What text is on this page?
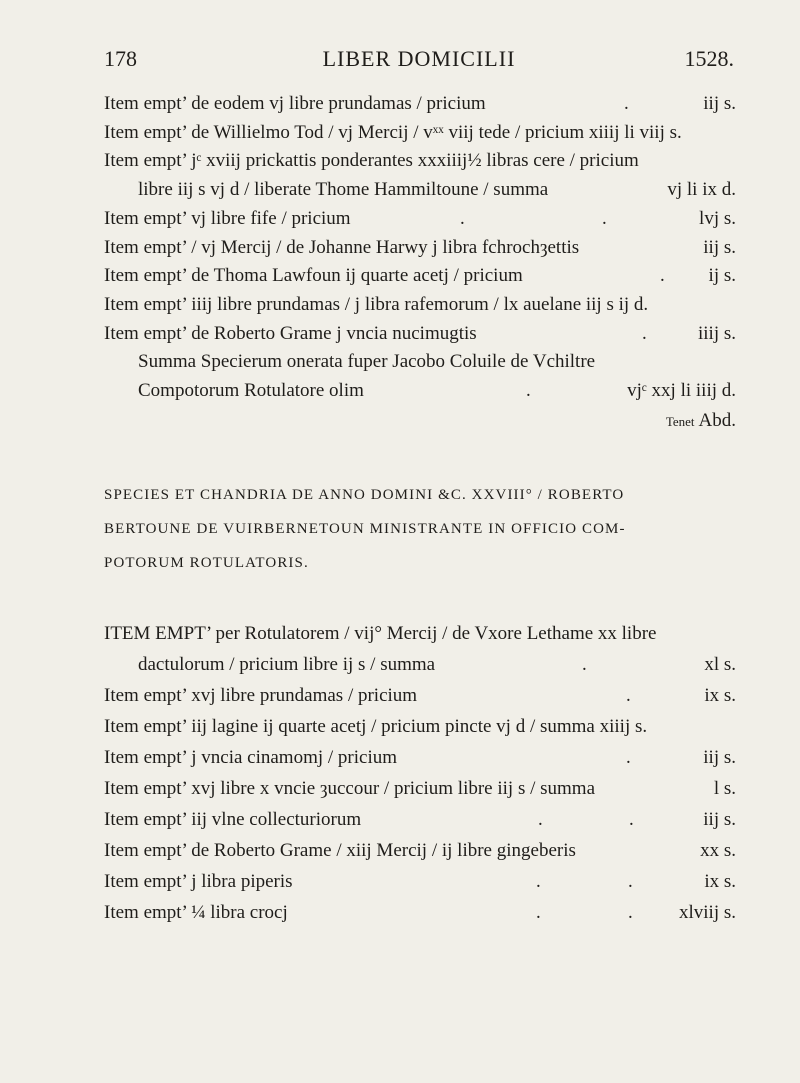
178	LIBER DOMICILII	1528.
Item empt’ de eodem vj libre prundamas / pricium	.	iij s.
Item empt’ de Willielmo Tod / vj Mercij / vˣˣ viij tede / pricium xiiij li viij s.
Item empt’ jᶜ xviij prickattis ponderantes xxxiiij½ libras cere / pricium
libre iij s vj d / liberate Thome Hammiltoune / summa	vj li ix d.
Item empt’ vj libre fife / pricium	.	.	lvj s.
Item empt’ / vj Mercij / de Johanne Harwy j libra fchrochȝettis	iij s.
Item empt’ de Thoma Lawfoun ij quarte acetj / pricium	. ij s.
Item empt’ iiij libre prundamas / j libra rafemorum / lx auelane iij s ij d.
Item empt’ de Roberto Grame j vncia nucimugtis	.	iiij s.
Summa Specierum onerata fuper Jacobo Coluile de Vchiltre
Compotorum Rotulatore olim	.	vjᶜ xxj li iiij d.
Tenet Abd.
SPECIES ET CHANDRIA DE ANNO DOMINI &C. XXVIII° / ROBERTO
BERTOUNE DE VUIRBERNETOUN MINISTRANTE IN OFFICIO COM-
POTORUM ROTULATORIS.
ITEM EMPT’ per Rotulatorem / vij° Mercij / de Vxore Lethame xx libre
dactulorum / pricium libre ij s / summa	.	xl s.
Item empt’ xvj libre prundamas / pricium	.	ix s.
Item empt’ iij lagine ij quarte acetj / pricium pincte vj d / summa xiiij s.
Item empt’ j vncia cinamomj / pricium	.	iij s.
Item empt’ xvj libre x vncie ȝuccour / pricium libre iij s / summa	l s.
Item empt’ iij vlne collecturiorum	.	.	iij s.
Item empt’ de Roberto Grame / xiij Mercij / ij libre gingeberis	xx s.
Item empt’ j libra piperis	.	.	ix s.
Item empt’ ¼ libra crocj	.	. xlviij s.
